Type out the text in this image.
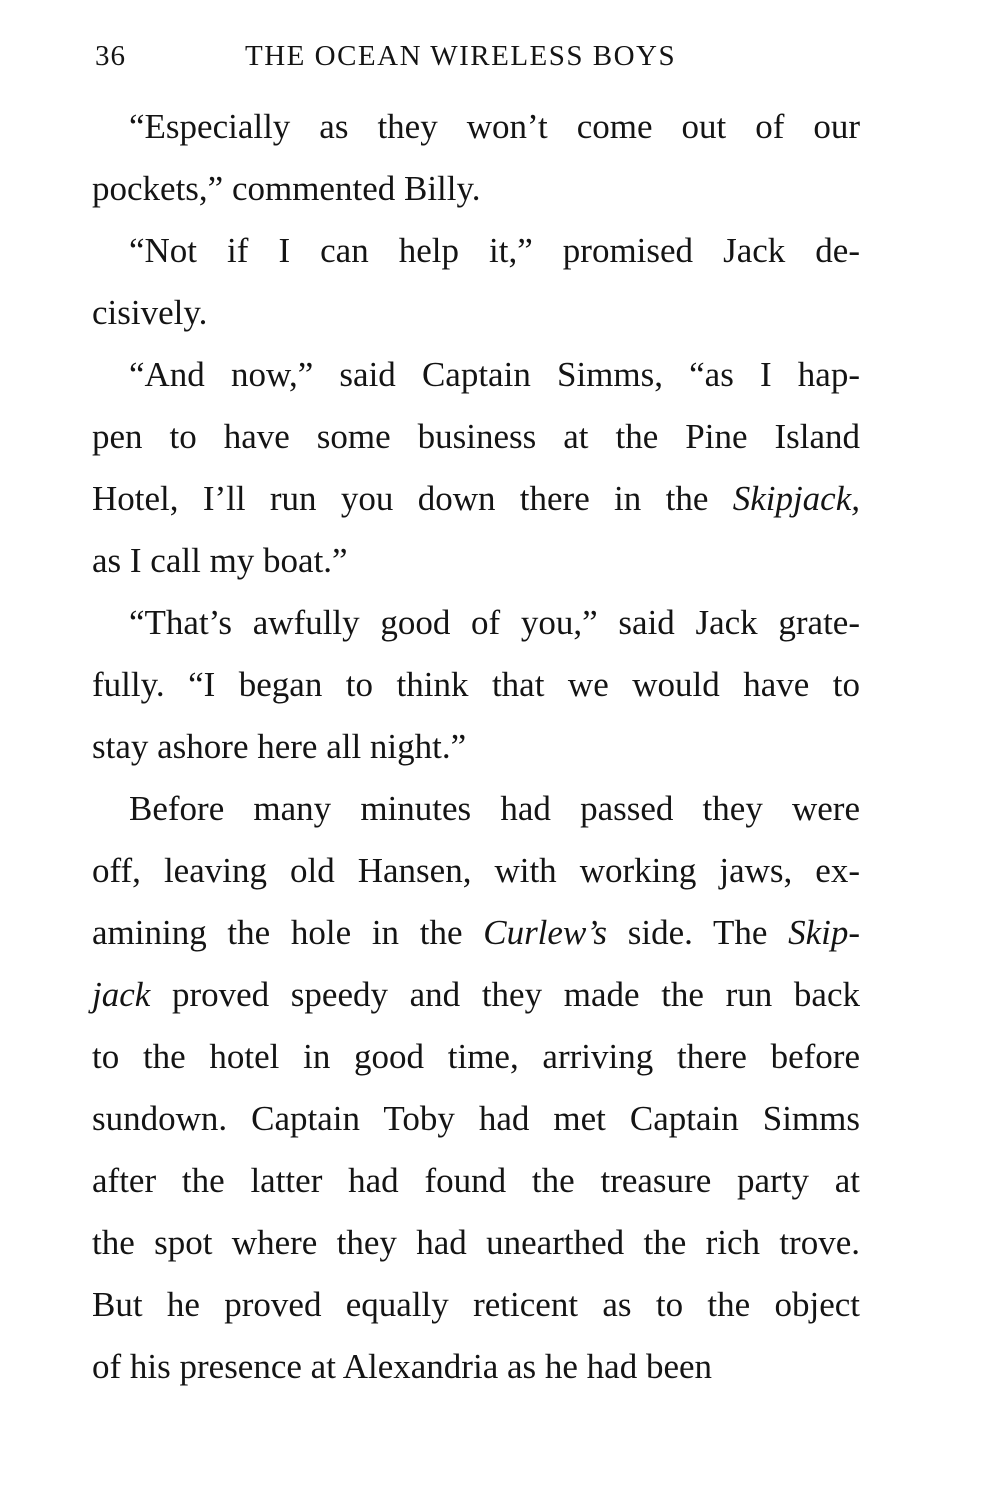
36	THE OCEAN WIRELESS BOYS
“Especially as they won’t come out of our
pockets,” commented Billy.
“Not if I can help it,” promised Jack de-
cisively.
“And now,” said Captain Simms, “as I hap-
pen to have some business at the Pine Island
Hotel, I’ll run you down there in the Skipjack,
as I call my boat.”
“That’s awfully good of you,” said Jack grate-
fully. “I began to think that we would have to
stay ashore here all night.”
Before many minutes had passed they were
off, leaving old Hansen, with working jaws, ex-
amining the hole in the Curlew’s side. The Skip-
jack proved speedy and they made the run back
to the hotel in good time, arriving there before
sundown. Captain Toby had met Captain Simms
after the latter had found the treasure party at
the spot where they had unearthed the rich trove.
But he proved equally reticent as to the object
of his presence at Alexandria as he had been
